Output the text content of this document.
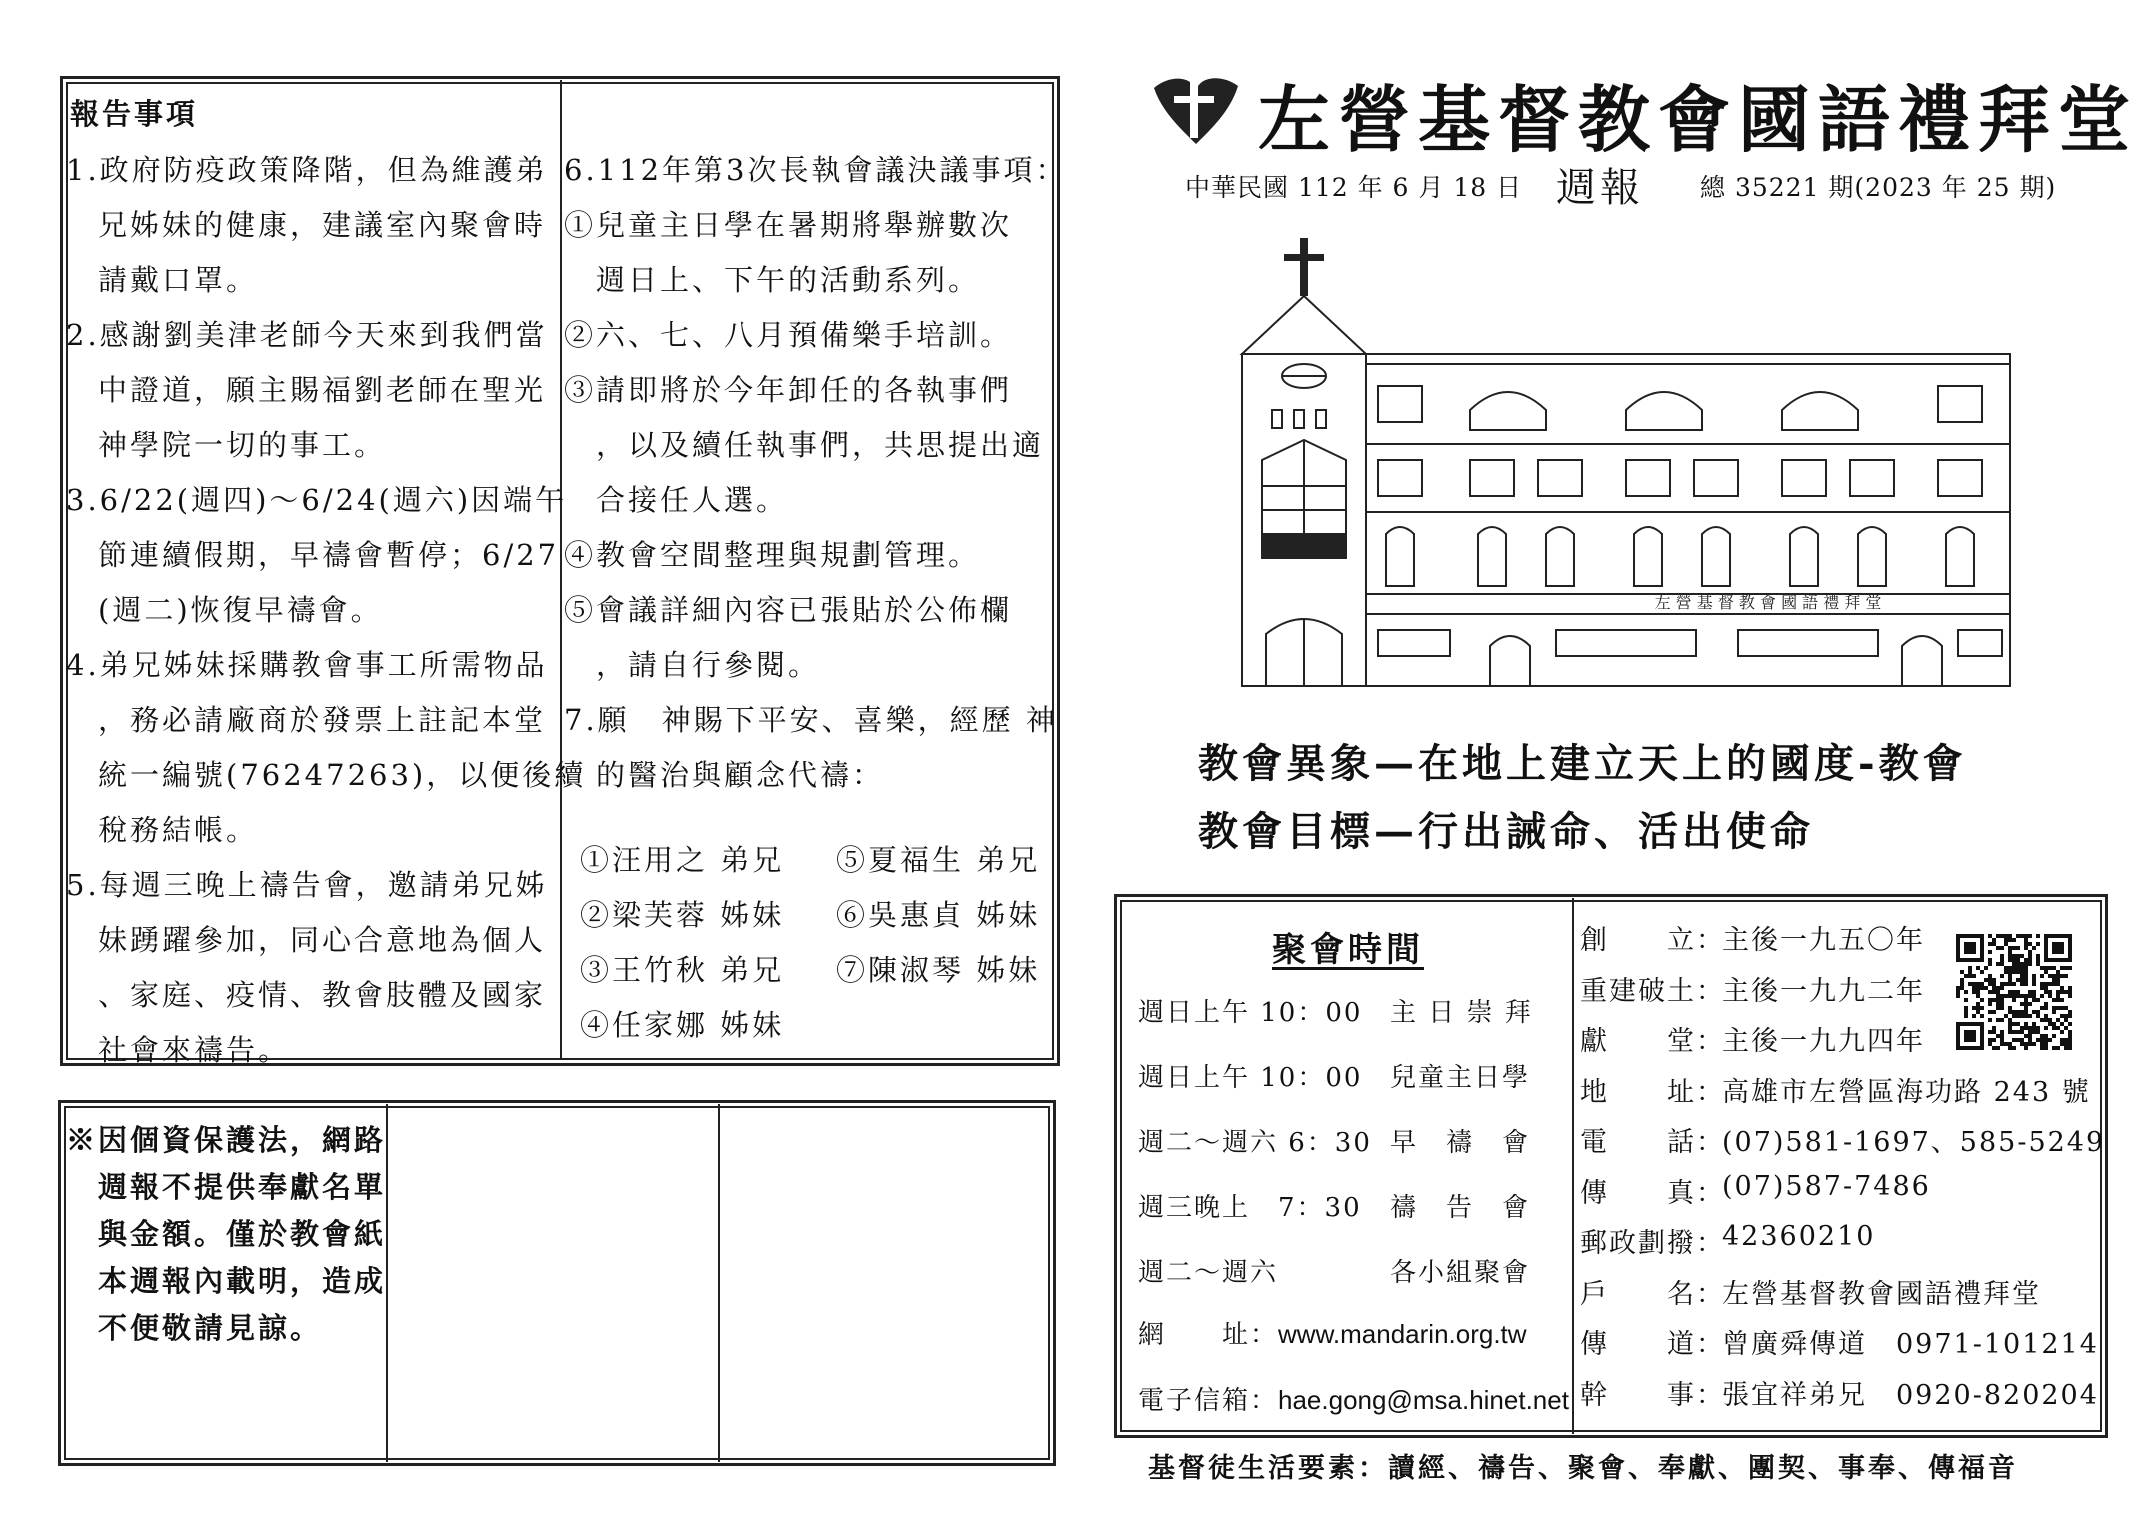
報告事項
1.政府防疫政策降階，但為維護弟
　兄姊妹的健康，建議室內聚會時
　請戴口罩。
2.感謝劉美津老師今天來到我們當
　中證道，願主賜福劉老師在聖光
　神學院一切的事工。
3.6/22(週四)～6/24(週六)因端午
　節連續假期，早禱會暫停；6/27
　(週二)恢復早禱會。
4.弟兄姊妹採購教會事工所需物品
　，務必請廠商於發票上註記本堂
　統一編號(76247263)，以便後續
　稅務結帳。
5.每週三晚上禱告會，邀請弟兄姊
　妹踴躍參加，同心合意地為個人
　、家庭、疫情、教會肢體及國家
　社會來禱告。
6.112年第3次長執會議決議事項：
①兒童主日學在暑期將舉辦數次
　週日上、下午的活動系列。
②六、七、八月預備樂手培訓。
③請即將於今年卸任的各執事們
　，以及續任執事們，共思提出適
　合接任人選。
④教會空間整理與規劃管理。
⑤會議詳細內容已張貼於公佈欄
　，請自行參閱。
7.願　神賜下平安、喜樂，經歷 神
　的醫治與顧念代禱：
①汪用之 弟兄 ⑤夏福生 弟兄
②梁芙蓉 姊妹 ⑥吳惠貞 姊妹
③王竹秋 弟兄 ⑦陳淑琴 姊妹
④任家娜 姊妹
※因個資保護法，網路
　週報不提供奉獻名單
　與金額。僅於教會紙
　本週報內載明，造成
　不便敬請見諒。
左營基督教會國語禮拜堂
中華民國 112 年 6 月 18 日 週報 總 35221 期(2023 年 25 期)
左 營 基 督 教 會 國 語 禮 拜 堂
教會異象—在地上建立天上的國度-教會
教會目標—行出誡命、活出使命
聚會時間
週日上午 10：00 主 日 崇 拜
週日上午 10：00 兒童主日學
週二～週六 6：30 早　禱　會
週三晚上　7：30 禱　告　會
週二～週六	各小組聚會
網　　址：www.mandarin.org.tw
電子信箱：hae.gong@msa.hinet.net
創　　立：
主後一九五〇年
重建破土：
主後一九九二年
獻　　堂：
主後一九九四年
地　　址：
高雄市左營區海功路 243 號
電　　話：
(07)581-1697、585-5249
傳　　真：
(07)587-7486
郵政劃撥：
42360210
戶　　名：
左營基督教會國語禮拜堂
傳　　道：
曾廣舜傳道　0971-101214
幹　　事：
張宜祥弟兄　0920-820204
基督徒生活要素：讀經、禱告、聚會、奉獻、團契、事奉、傳福音
